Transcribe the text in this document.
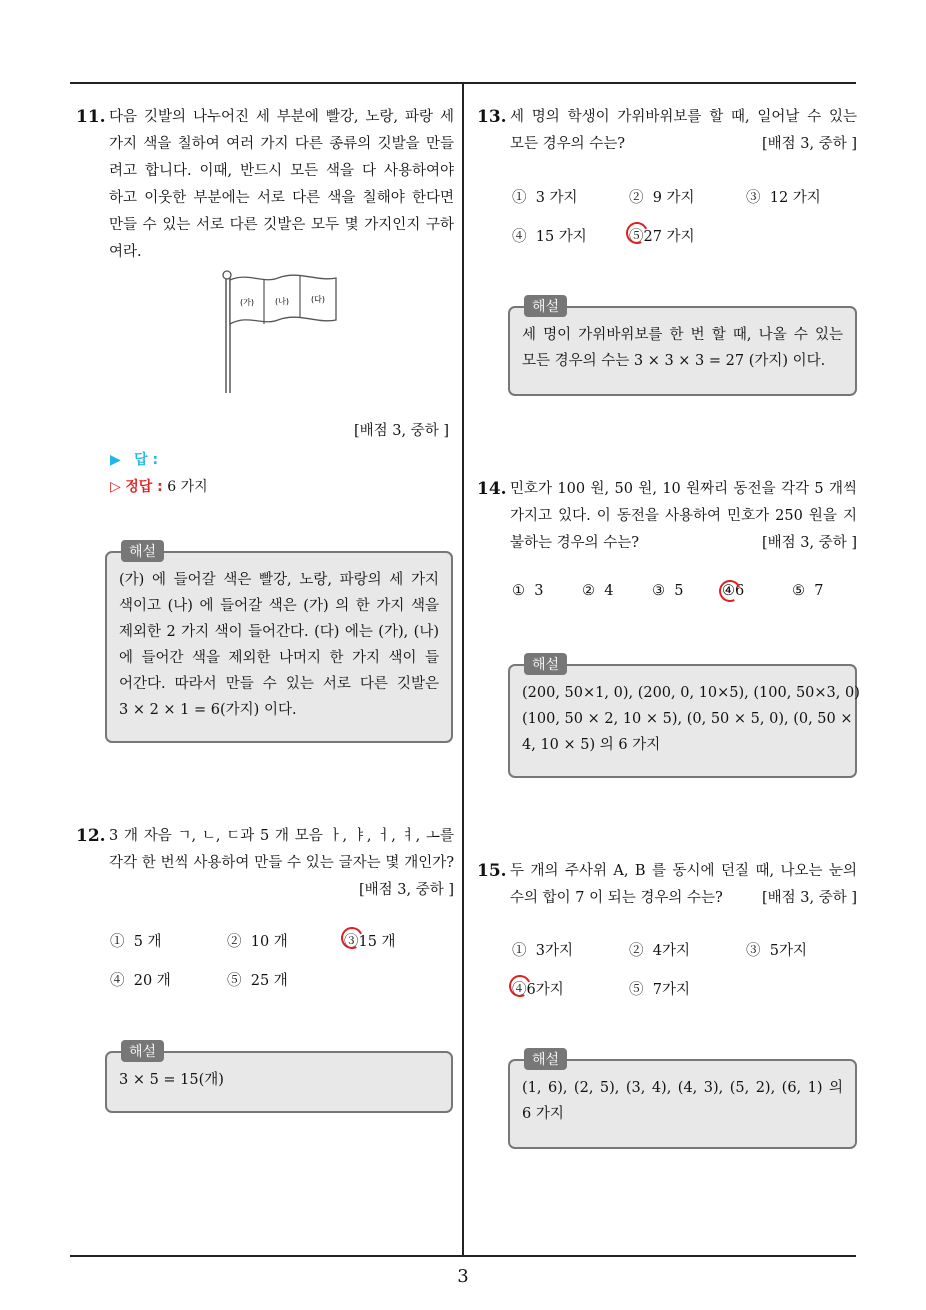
11. 다음 깃발의 나누어진 세 부분에 빨강, 노랑, 파랑 세
가지 색을 칠하여 여러 가지 다른 종류의 깃발을 만들
려고 합니다. 이때, 반드시 모든 색을 다 사용하여야
하고 이웃한 부분에는 서로 다른 색을 칠해야 한다면
만들 수 있는 서로 다른 깃발은 모두 몇 가지인지 구하
여라.
(가)	(나)	(다)
[배점 3, 중하 ]
▶ 답 :
▷ 정답 : 6 가지
해설
(가) 에 들어갈 색은 빨강, 노랑, 파랑의 세 가지
색이고 (나) 에 들어갈 색은 (가) 의 한 가지 색을
제외한 2 가지 색이 들어간다. (다) 에는 (가), (나)
에 들어간 색을 제외한 나머지 한 가지 색이 들
어간다. 따라서 만들 수 있는 서로 다른 깃발은
3 × 2 × 1 = 6(가지) 이다.
12. 3 개 자음 ㄱ, ㄴ, ㄷ과 5 개 모음 ㅏ, ㅑ, ㅓ, ㅕ, ㅗ를
각각 한 번씩 사용하여 만들 수 있는 글자는 몇 개인가?
[배점 3, 중하 ]
① 5 개	② 10 개	③15 개
④ 20 개	⑤ 25 개
해설
3 × 5 = 15(개)
13. 세 명의 학생이 가위바위보를 할 때, 일어날 수 있는
모든 경우의 수는?	[배점 3, 중하 ]
① 3 가지	② 9 가지	③ 12 가지
④ 15 가지	⑤27 가지
해설
세 명이 가위바위보를 한 번 할 때, 나올 수 있는
모든 경우의 수는 3 × 3 × 3 = 27 (가지) 이다.
14. 민호가 100 원, 50 원, 10 원짜리 동전을 각각 5 개씩
가지고 있다. 이 동전을 사용하여 민호가 250 원을 지
불하는 경우의 수는?	[배점 3, 중하 ]
① 3	② 4	③ 5	④6	⑤ 7
해설
(200, 50×1, 0), (200, 0, 10×5), (100, 50×3, 0)
(100, 50 × 2, 10 × 5), (0, 50 × 5, 0), (0, 50 ×
4, 10 × 5) 의 6 가지
15. 두 개의 주사위 A, B 를 동시에 던질 때, 나오는 눈의
수의 합이 7 이 되는 경우의 수는?	[배점 3, 중하 ]
① 3가지	② 4가지	③ 5가지
④6가지	⑤ 7가지
해설
(1, 6), (2, 5), (3, 4), (4, 3), (5, 2), (6, 1) 의
6 가지
3
